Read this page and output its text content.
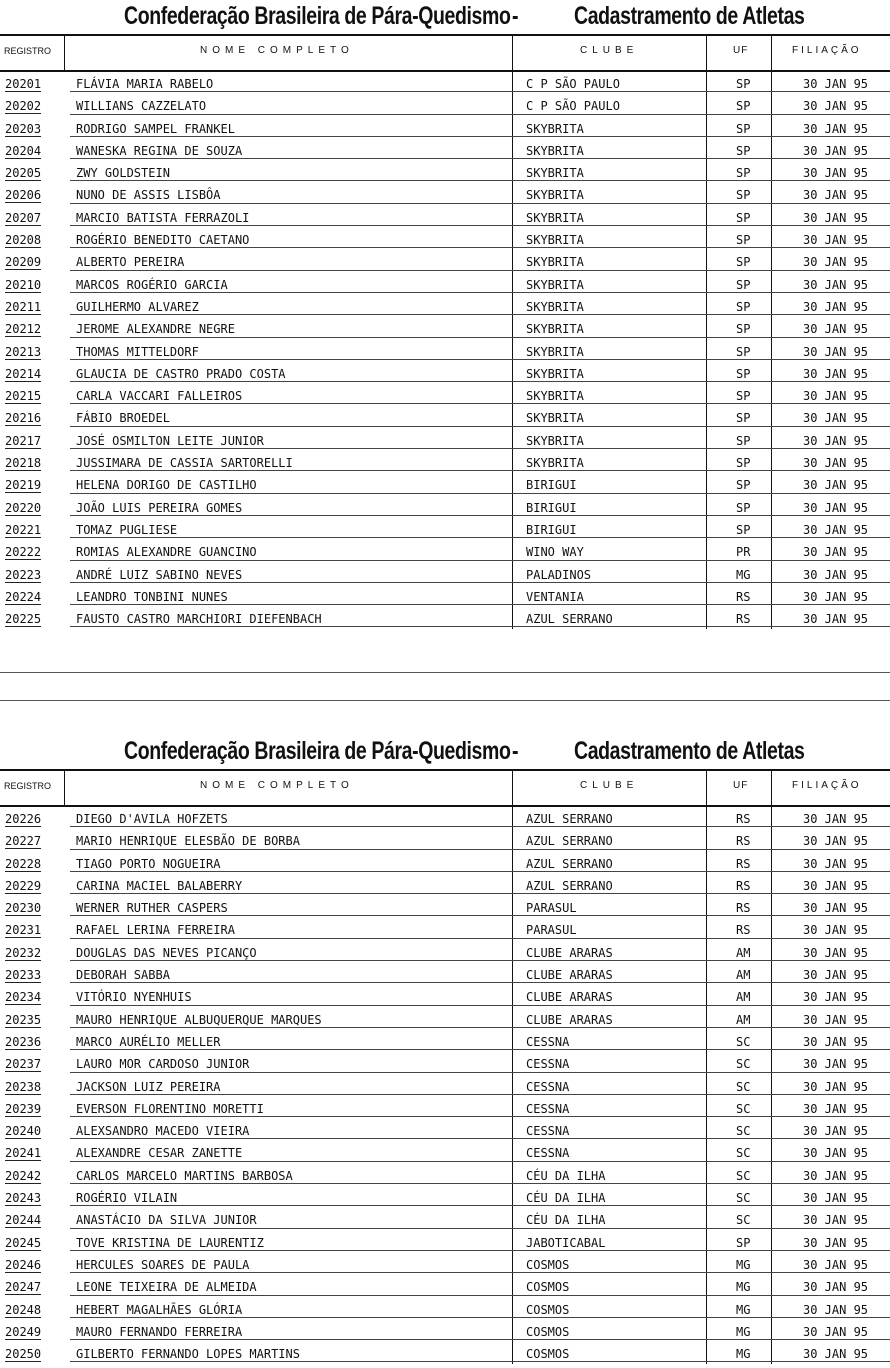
Confederação Brasileira de Pára-Quedismo - Cadastramento de Atletas
REGISTRO	NOME COMPLETO	CLUBE	UF	FILIAÇÃO
20201	FLÁVIA MARIA RABELO	C P SÃO PAULO	SP	30 JAN 95
20202	WILLIANS CAZZELATO	C P SÃO PAULO	SP	30 JAN 95
20203	RODRIGO SAMPEL FRANKEL	SKYBRITA	SP	30 JAN 95
20204	WANESKA REGINA DE SOUZA	SKYBRITA	SP	30 JAN 95
20205	ZWY GOLDSTEIN	SKYBRITA	SP	30 JAN 95
20206	NUNO DE ASSIS LISBÔA	SKYBRITA	SP	30 JAN 95
20207	MARCIO BATISTA FERRAZOLI	SKYBRITA	SP	30 JAN 95
20208	ROGÉRIO BENEDITO CAETANO	SKYBRITA	SP	30 JAN 95
20209	ALBERTO PEREIRA	SKYBRITA	SP	30 JAN 95
20210	MARCOS ROGÉRIO GARCIA	SKYBRITA	SP	30 JAN 95
20211	GUILHERMO ALVAREZ	SKYBRITA	SP	30 JAN 95
20212	JEROME ALEXANDRE NEGRE	SKYBRITA	SP	30 JAN 95
20213	THOMAS MITTELDORF	SKYBRITA	SP	30 JAN 95
20214	GLAUCIA DE CASTRO PRADO COSTA	SKYBRITA	SP	30 JAN 95
20215	CARLA VACCARI FALLEIROS	SKYBRITA	SP	30 JAN 95
20216	FÁBIO BROEDEL	SKYBRITA	SP	30 JAN 95
20217	JOSÉ OSMILTON LEITE JUNIOR	SKYBRITA	SP	30 JAN 95
20218	JUSSIMARA DE CASSIA SARTORELLI	SKYBRITA	SP	30 JAN 95
20219	HELENA DORIGO DE CASTILHO	BIRIGUI	SP	30 JAN 95
20220	JOÃO LUIS PEREIRA GOMES	BIRIGUI	SP	30 JAN 95
20221	TOMAZ PUGLIESE	BIRIGUI	SP	30 JAN 95
20222	ROMIAS ALEXANDRE GUANCINO	WINO WAY	PR	30 JAN 95
20223	ANDRÉ LUIZ SABINO NEVES	PALADINOS	MG	30 JAN 95
20224	LEANDRO TONBINI NUNES	VENTANIA	RS	30 JAN 95
20225	FAUSTO CASTRO MARCHIORI DIEFENBACH	AZUL SERRANO	RS	30 JAN 95
Confederação Brasileira de Pára-Quedismo - Cadastramento de Atletas
REGISTRO	NOME COMPLETO	CLUBE	UF	FILIAÇÃO
20226	DIEGO D'AVILA HOFZETS	AZUL SERRANO	RS	30 JAN 95
20227	MARIO HENRIQUE ELESBÃO DE BORBA	AZUL SERRANO	RS	30 JAN 95
20228	TIAGO PORTO NOGUEIRA	AZUL SERRANO	RS	30 JAN 95
20229	CARINA MACIEL BALABERRY	AZUL SERRANO	RS	30 JAN 95
20230	WERNER RUTHER CASPERS	PARASUL	RS	30 JAN 95
20231	RAFAEL LERINA FERREIRA	PARASUL	RS	30 JAN 95
20232	DOUGLAS DAS NEVES PICANÇO	CLUBE ARARAS	AM	30 JAN 95
20233	DEBORAH SABBA	CLUBE ARARAS	AM	30 JAN 95
20234	VITÓRIO NYENHUIS	CLUBE ARARAS	AM	30 JAN 95
20235	MAURO HENRIQUE ALBUQUERQUE MARQUES	CLUBE ARARAS	AM	30 JAN 95
20236	MARCO AURÉLIO MELLER	CESSNA	SC	30 JAN 95
20237	LAURO MOR CARDOSO JUNIOR	CESSNA	SC	30 JAN 95
20238	JACKSON LUIZ PEREIRA	CESSNA	SC	30 JAN 95
20239	EVERSON FLORENTINO MORETTI	CESSNA	SC	30 JAN 95
20240	ALEXSANDRO MACEDO VIEIRA	CESSNA	SC	30 JAN 95
20241	ALEXANDRE CESAR ZANETTE	CESSNA	SC	30 JAN 95
20242	CARLOS MARCELO MARTINS BARBOSA	CÉU DA ILHA	SC	30 JAN 95
20243	ROGÉRIO VILAIN	CÉU DA ILHA	SC	30 JAN 95
20244	ANASTÁCIO DA SILVA JUNIOR	CÉU DA ILHA	SC	30 JAN 95
20245	TOVE KRISTINA DE LAURENTIZ	JABOTICABAL	SP	30 JAN 95
20246	HERCULES SOARES DE PAULA	COSMOS	MG	30 JAN 95
20247	LEONE TEIXEIRA DE ALMEIDA	COSMOS	MG	30 JAN 95
20248	HEBERT MAGALHÃES GLÓRIA	COSMOS	MG	30 JAN 95
20249	MAURO FERNANDO FERREIRA	COSMOS	MG	30 JAN 95
20250	GILBERTO FERNANDO LOPES MARTINS	COSMOS	MG	30 JAN 95
